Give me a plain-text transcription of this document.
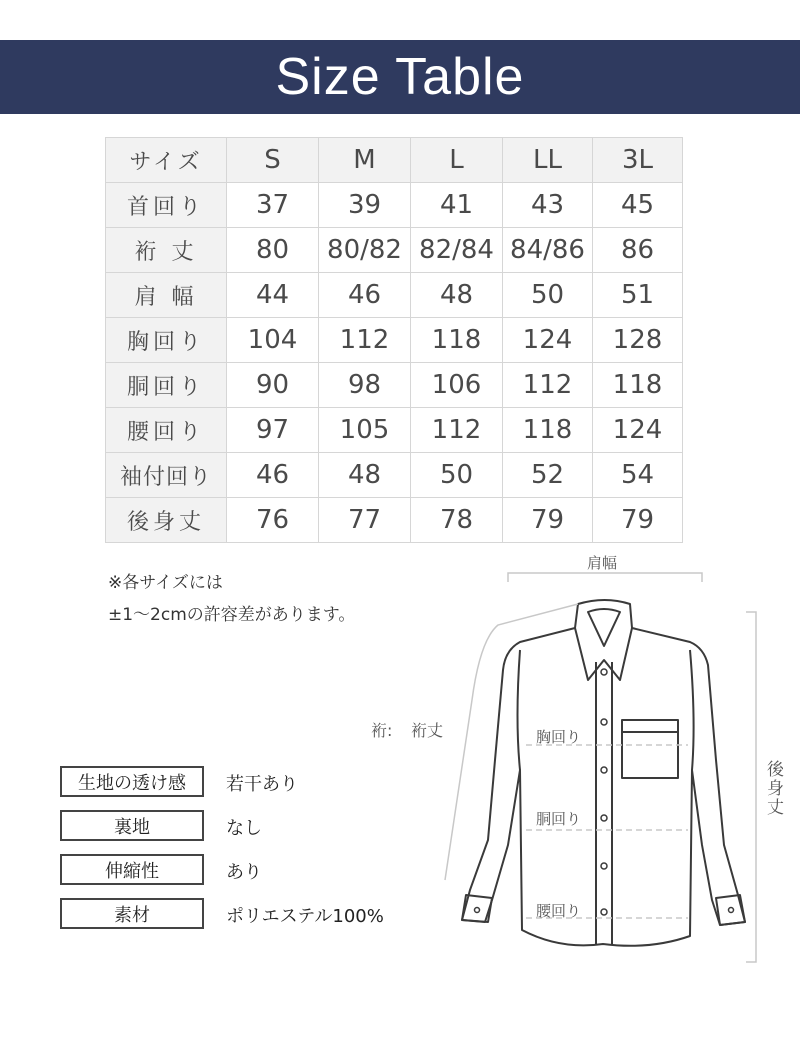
Size Table
サイズ	S	M	L	LL	3L
首回り	37	39	41	43	45
裄 丈	80	80/82	82/84	84/86	86
肩 幅	44	46	48	50	51
胸回り	104	112	118	124	128
胴回り	90	98	106	112	118
腰回り	97	105	112	118	124
袖付回り	46	48	50	52	54
後身丈	76	77	78	79	79
※各サイズには
±1～2cmの許容差があります。
生地の透け感	若干あり
裏地	なし
伸縮性	あり
素材	ポリエステル100%
肩幅
裄: 裄丈	胸回り
胴回り
腰回り
後身丈
